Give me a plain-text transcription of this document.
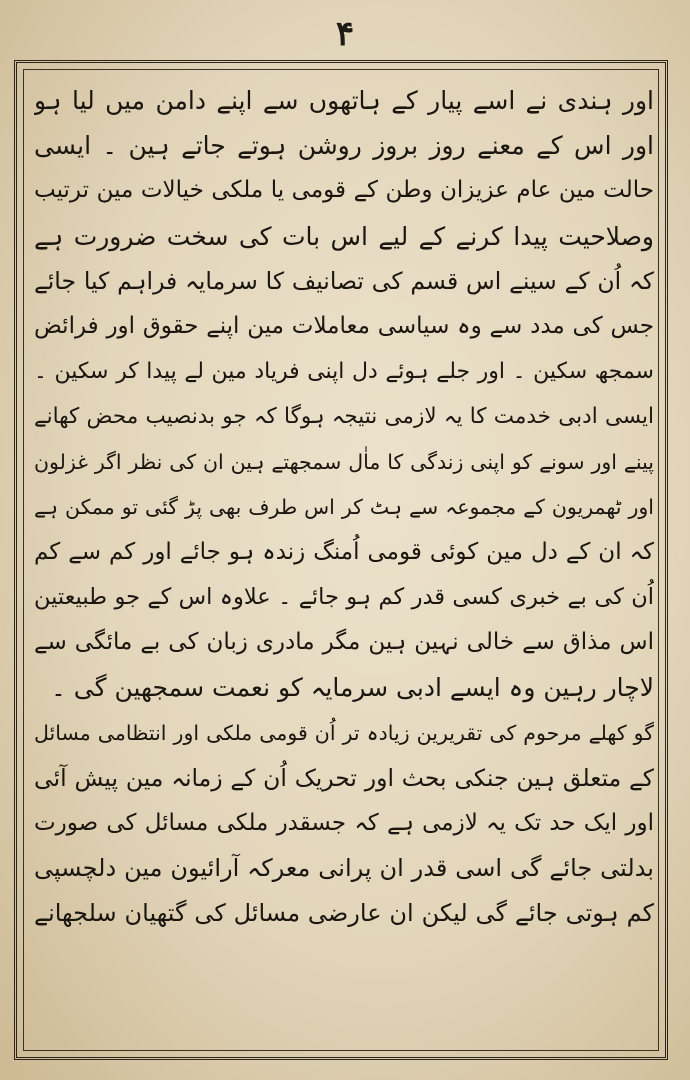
۴
اور ہندی نے اسے پیار کے ہاتھوں سے اپنے دامن میں لیا ہو
اور اس کے معنے روز بروز روشن ہوتے جاتے ہین ۔ ایسی
حالت مین عام عزیزان وطن کے قومی یا ملکی خیالات مین ترتیب
وصلاحیت پیدا کرنے کے لیے اس بات کی سخت ضرورت ہے
کہ اُن کے سینے اس قسم کی تصانیف کا سرمایہ فراہم کیا جائے
جس کی مدد سے وہ سیاسی معاملات مین اپنے حقوق اور فرائض
سمجھ سکین ۔ اور جلے ہوئے دل اپنی فریاد مین لے پیدا کر سکین ۔
ایسی ادبی خدمت کا یہ لازمی نتیجہ ہوگا کہ جو بدنصیب محض کھانے
پینے اور سونے کو اپنی زندگی کا ماٰل سمجھتے ہین ان کی نظر اگر غزلون
اور ٹھمریون کے مجموعہ سے ہٹ کر اس طرف بھی پڑ گئی تو ممکن ہے
کہ ان کے دل مین کوئی قومی اُمنگ زندہ ہو جائے اور کم سے کم
اُن کی بے خبری کسی قدر کم ہو جائے ۔ علاوہ اس کے جو طبیعتین
اس مذاق سے خالی نہین ہین مگر مادری زبان کی بے مائگی سے
لاچار رہین وہ ایسے ادبی سرمایہ کو نعمت سمجھین گی ۔
گو کھلے مرحوم کی تقریرین زیادہ تر اُن قومی ملکی اور انتظامی مسائل
کے متعلق ہین جنکی بحث اور تحریک اُن کے زمانہ مین پیش آئی
اور ایک حد تک یہ لازمی ہے کہ جسقدر ملکی مسائل کی صورت
بدلتی جائے گی اسی قدر ان پرانی معرکہ آرائیون مین دلچسپی
کم ہوتی جائے گی لیکن ان عارضی مسائل کی گتھیان سلجھانے
